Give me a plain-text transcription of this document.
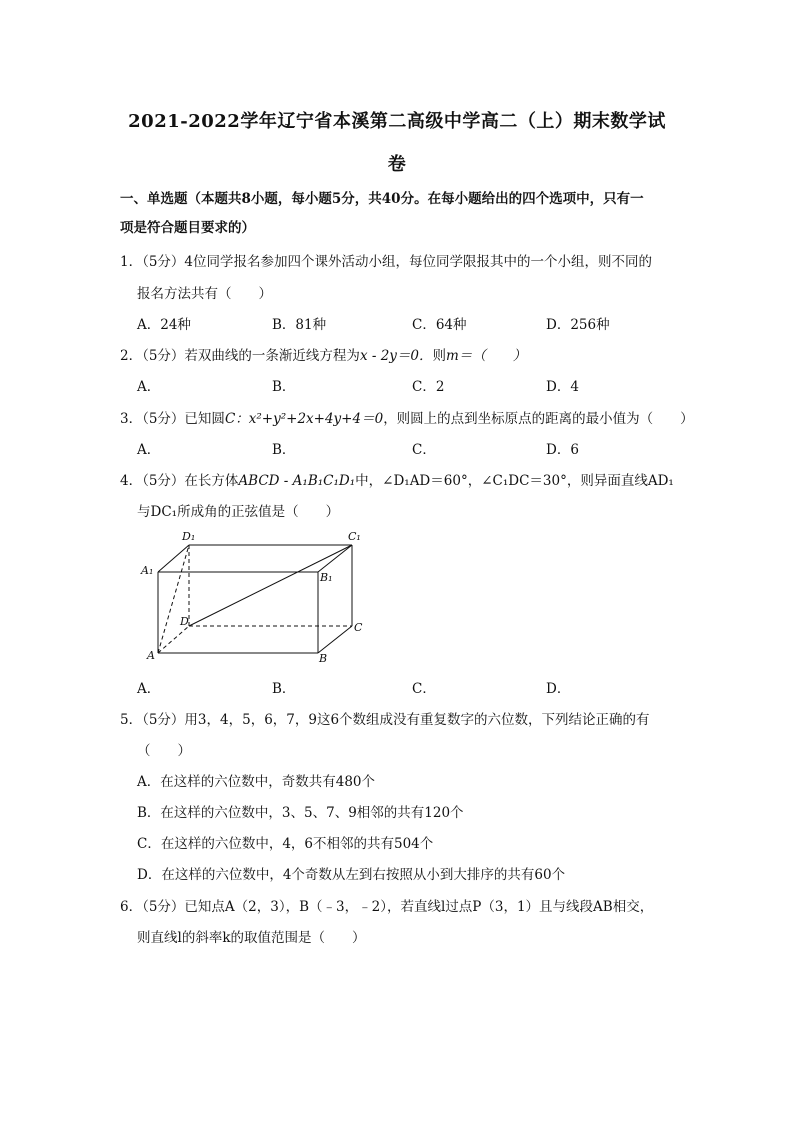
2021-2022学年辽宁省本溪第二高级中学高二（上）期末数学试
卷
一、单选题（本题共8小题，每小题5分，共40分。在每小题给出的四个选项中，只有一
项是符合题目要求的）
1．（5分）4位同学报名参加四个课外活动小组，每位同学限报其中的一个小组，则不同的
报名方法共有（　　）
A．24种	B．81种	C．64种	D．256种
2．（5分）若双曲线的一条渐近线方程为x - 2y＝0．则m＝（　　）
A．	B．	C．2	D．4
3．（5分）已知圆C：x²+y²+2x+4y+4＝0，则圆上的点到坐标原点的距离的最小值为（　　）
A．	B．	C．	D．6
4．（5分）在长方体ABCD - A₁B₁C₁D₁中，∠D₁AD＝60°，∠C₁DC＝30°，则异面直线AD₁
与DC₁所成角的正弦值是（　　）
D₁	C₁
A₁
B₁
D	C
A	B
A．	B．	C．	D．
5．（5分）用3，4，5，6，7，9这6个数组成没有重复数字的六位数，下列结论正确的有
（　　）
A．在这样的六位数中，奇数共有480个
B．在这样的六位数中，3、5、7、9相邻的共有120个
C．在这样的六位数中，4，6不相邻的共有504个
D．在这样的六位数中，4个奇数从左到右按照从小到大排序的共有60个
6．（5分）已知点A（2，3），B（﹣3，﹣2），若直线l过点P（3，1）且与线段AB相交，
则直线l的斜率k的取值范围是（　　）
